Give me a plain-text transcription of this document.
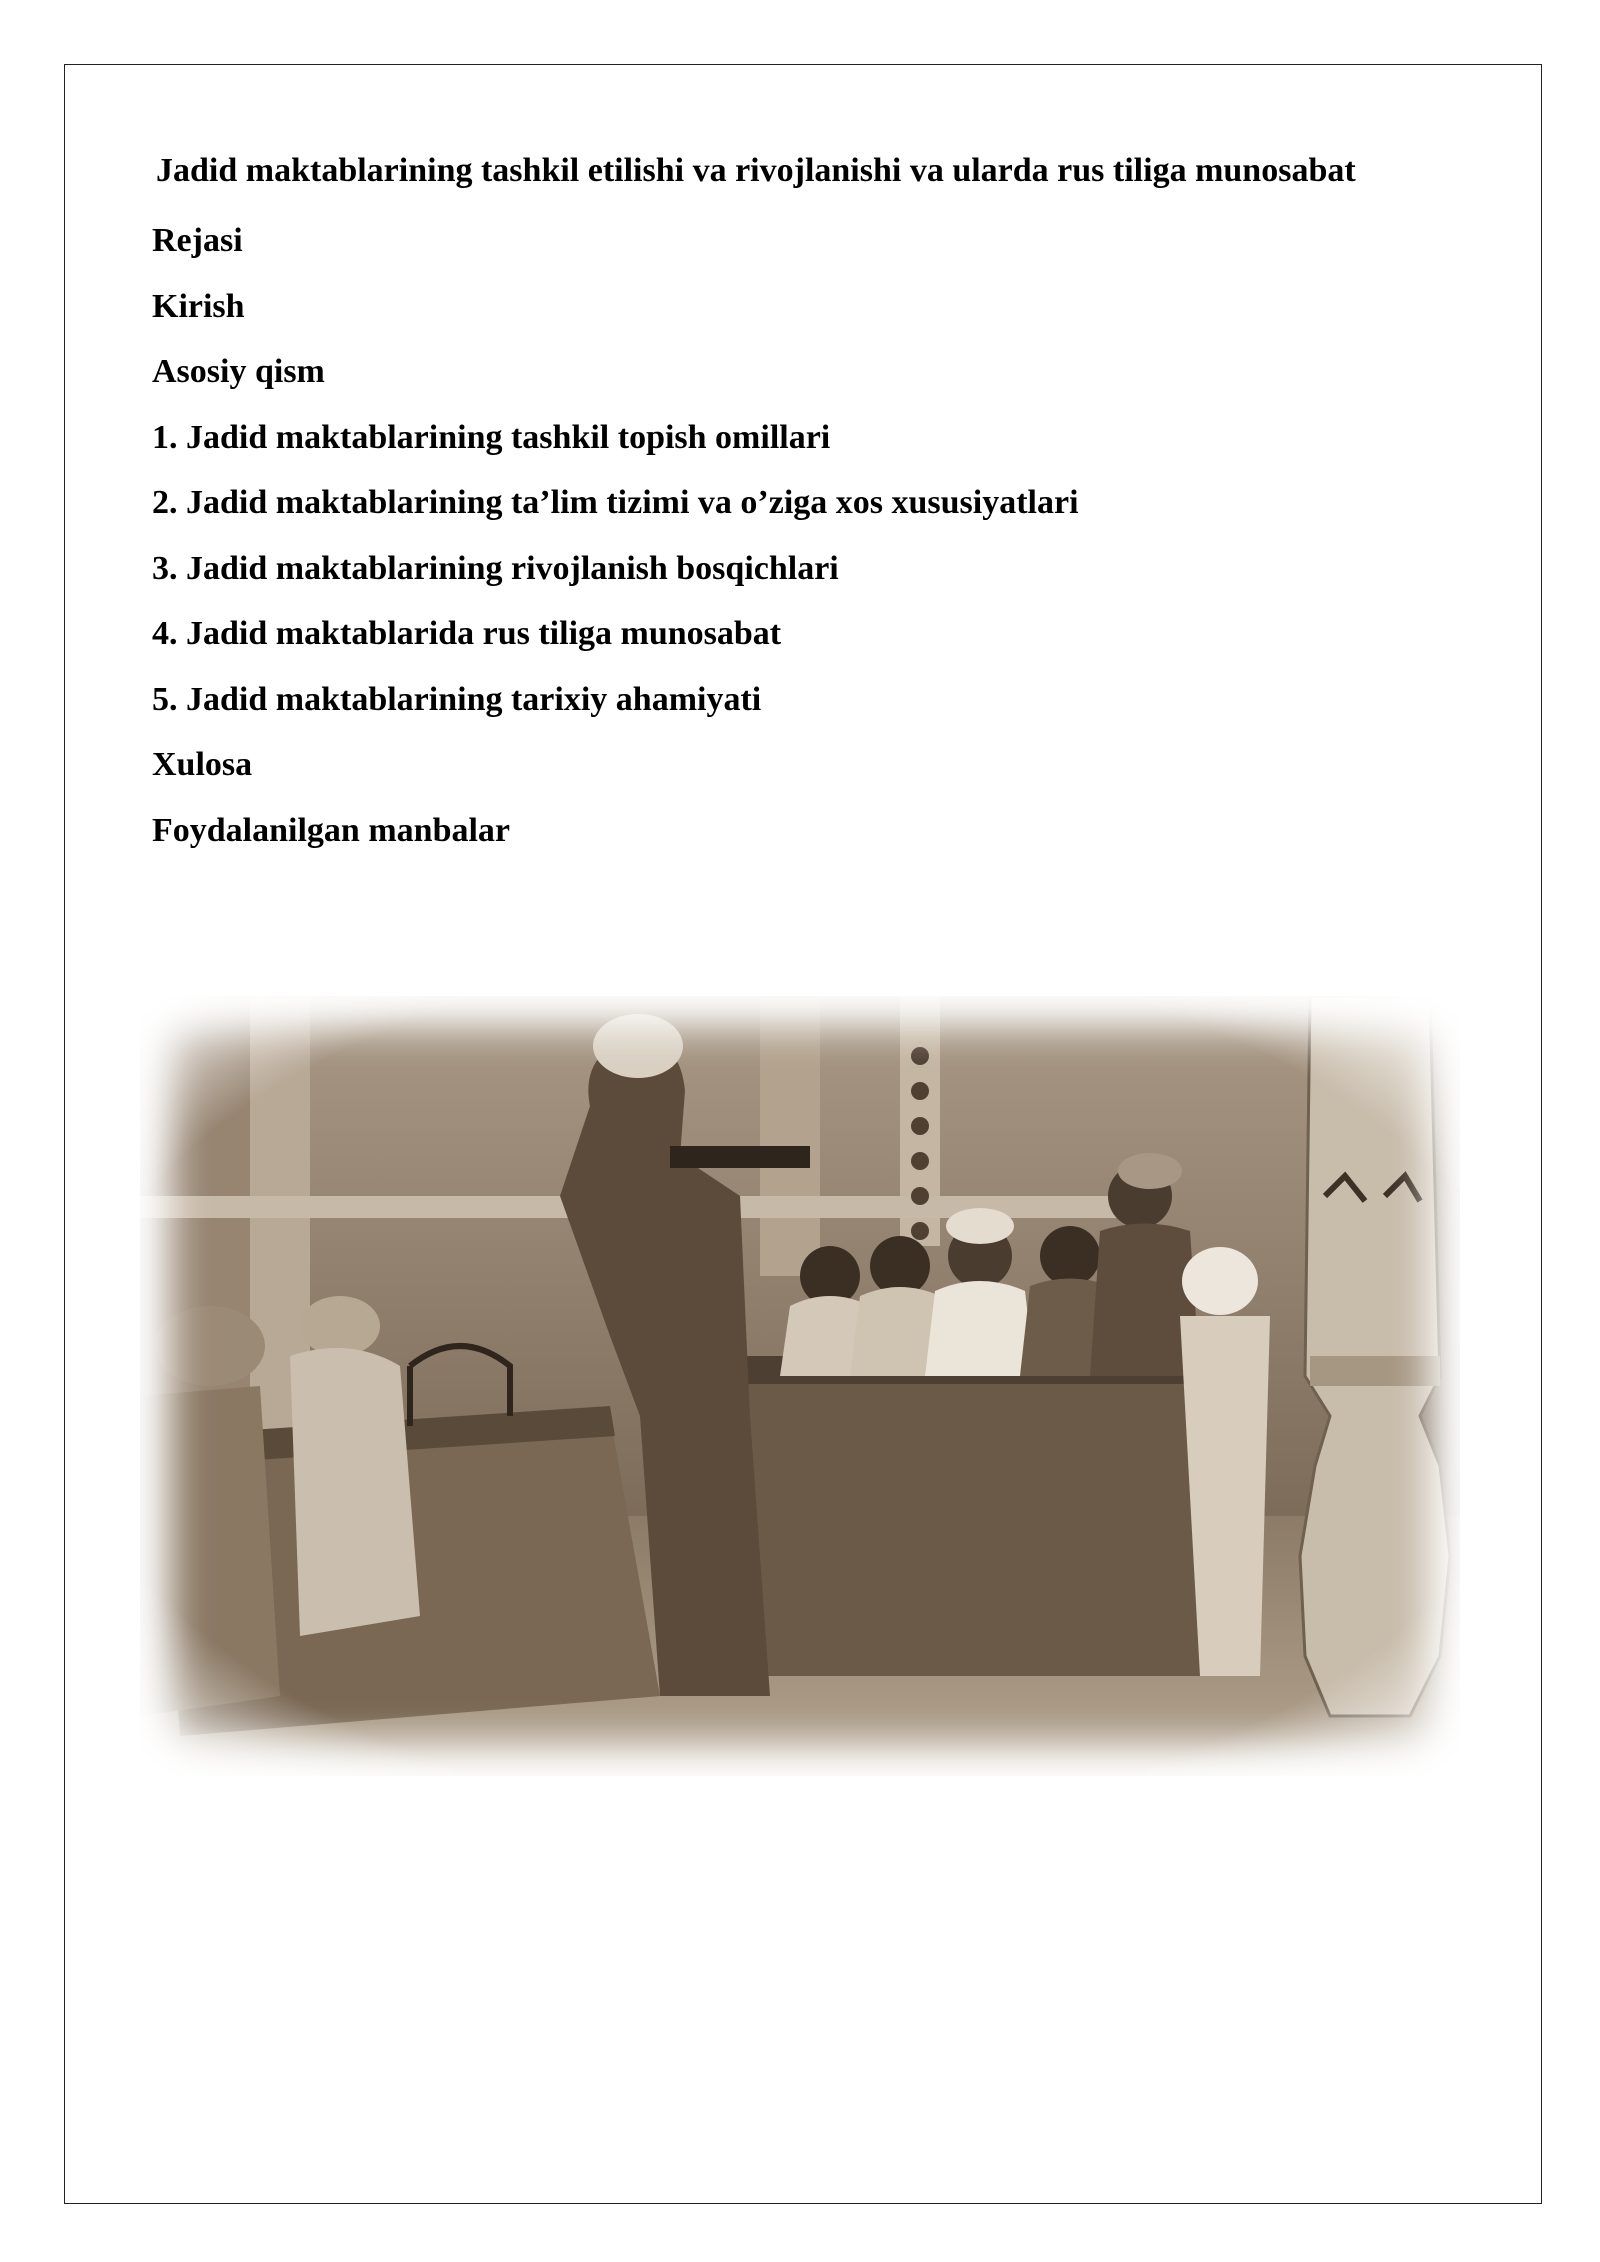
Jadid maktablarining tashkil etilishi va rivojlanishi va ularda rus tiliga munosabat
Rejasi
Kirish
Asosiy qism
1. Jadid maktablarining tashkil topish omillari
2. Jadid maktablarining ta’lim tizimi va o’ziga xos xususiyatlari
3. Jadid maktablarining rivojlanish bosqichlari
4. Jadid maktablarida rus tiliga munosabat
5. Jadid maktablarining tarixiy ahamiyati
Xulosa
Foydalanilgan manbalar
